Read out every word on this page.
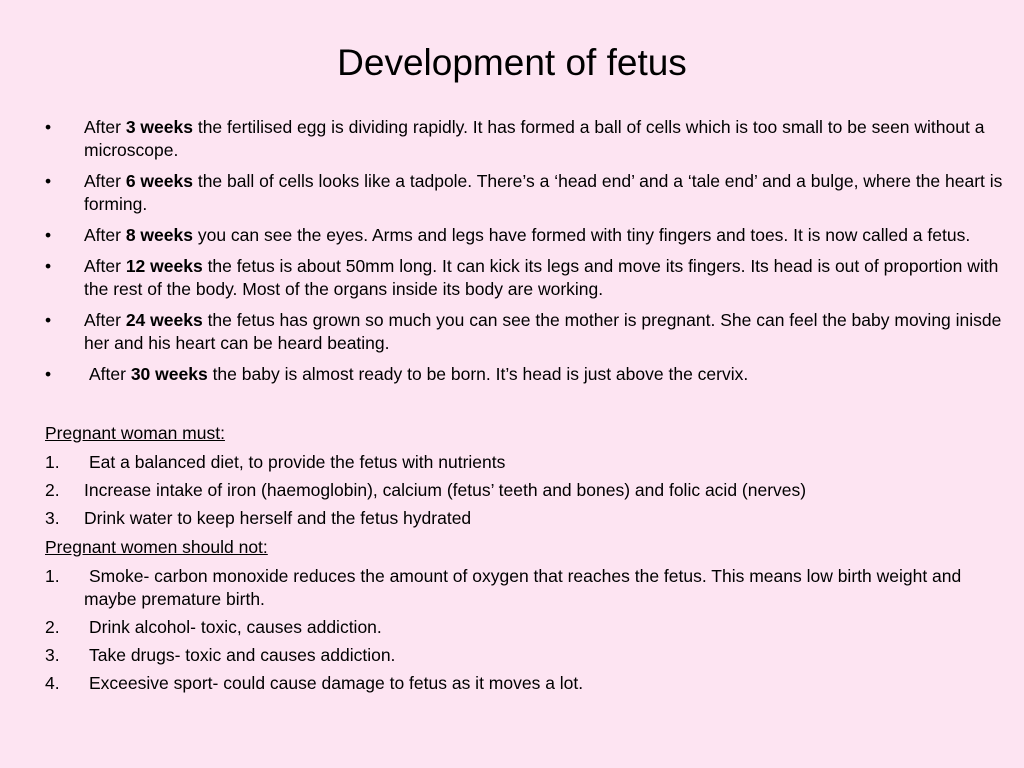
Development of fetus
• After 3 weeks the fertilised egg is dividing rapidly. It has formed a ball of cells which is too small to be seen without a microscope.
• After 6 weeks the ball of cells looks like a tadpole. There’s a ‘head end’ and a ‘tale end’ and a bulge, where the heart is forming.
• After 8 weeks you can see the eyes. Arms and legs have formed with tiny fingers and toes. It is now called a fetus.
• After 12 weeks the fetus is about 50mm long. It can kick its legs and move its fingers. Its head is out of proportion with the rest of the body. Most of the organs inside its body are working.
• After 24 weeks the fetus has grown so much you can see the mother is pregnant. She can feel the baby moving inisde her and his heart can be heard beating.
• After 30 weeks the baby is almost ready to be born. It’s head is just above the cervix.
Pregnant woman must:
1. Eat a balanced diet, to provide the fetus with nutrients
2. Increase intake of iron (haemoglobin), calcium (fetus’ teeth and bones) and folic acid (nerves)
3. Drink water to keep herself and the fetus hydrated
Pregnant women should not:
1. Smoke- carbon monoxide reduces the amount of oxygen that reaches the fetus. This means low birth weight and maybe premature birth.
2. Drink alcohol- toxic, causes addiction.
3. Take drugs- toxic and causes addiction.
4. Exceesive sport- could cause damage to fetus as it moves a lot.
